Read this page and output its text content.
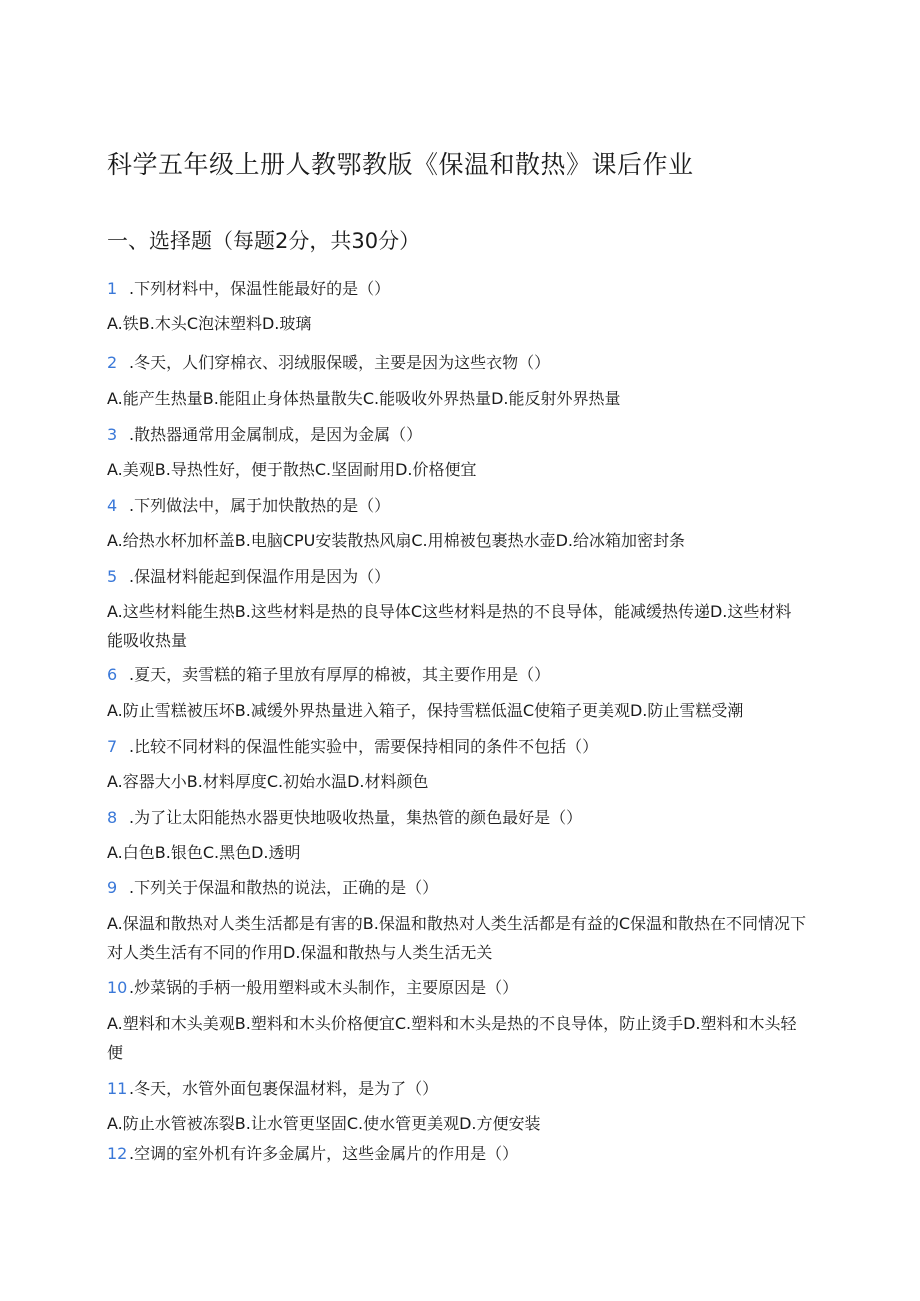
科学五年级上册人教鄂教版《保温和散热》课后作业
一、选择题（每题2分，共30分）
1 .下列材料中，保温性能最好的是（）
A.铁B.木头C泡沫塑料D.玻璃
2 .冬天，人们穿棉衣、羽绒服保暖，主要是因为这些衣物（）
A.能产生热量B.能阻止身体热量散失C.能吸收外界热量D.能反射外界热量
3 .散热器通常用金属制成，是因为金属（）
A.美观B.导热性好，便于散热C.坚固耐用D.价格便宜
4 .下列做法中，属于加快散热的是（）
A.给热水杯加杯盖B.电脑CPU安装散热风扇C.用棉被包裹热水壶D.给冰箱加密封条
5 .保温材料能起到保温作用是因为（）
A.这些材料能生热B.这些材料是热的良导体C这些材料是热的不良导体，能减缓热传递D.这些材料能吸收热量
6 .夏天，卖雪糕的箱子里放有厚厚的棉被，其主要作用是（）
A.防止雪糕被压坏B.减缓外界热量进入箱子，保持雪糕低温C使箱子更美观D.防止雪糕受潮
7 .比较不同材料的保温性能实验中，需要保持相同的条件不包括（）
A.容器大小B.材料厚度C.初始水温D.材料颜色
8 .为了让太阳能热水器更快地吸收热量，集热管的颜色最好是（）
A.白色B.银色C.黑色D.透明
9 .下列关于保温和散热的说法，正确的是（）
A.保温和散热对人类生活都是有害的B.保温和散热对人类生活都是有益的C保温和散热在不同情况下对人类生活有不同的作用D.保温和散热与人类生活无关
10 .炒菜锅的手柄一般用塑料或木头制作，主要原因是（）
A.塑料和木头美观B.塑料和木头价格便宜C.塑料和木头是热的不良导体，防止烫手D.塑料和木头轻便
11 .冬天，水管外面包裹保温材料，是为了（）
A.防止水管被冻裂B.让水管更坚固C.使水管更美观D.方便安装
12 .空调的室外机有许多金属片，这些金属片的作用是（）
